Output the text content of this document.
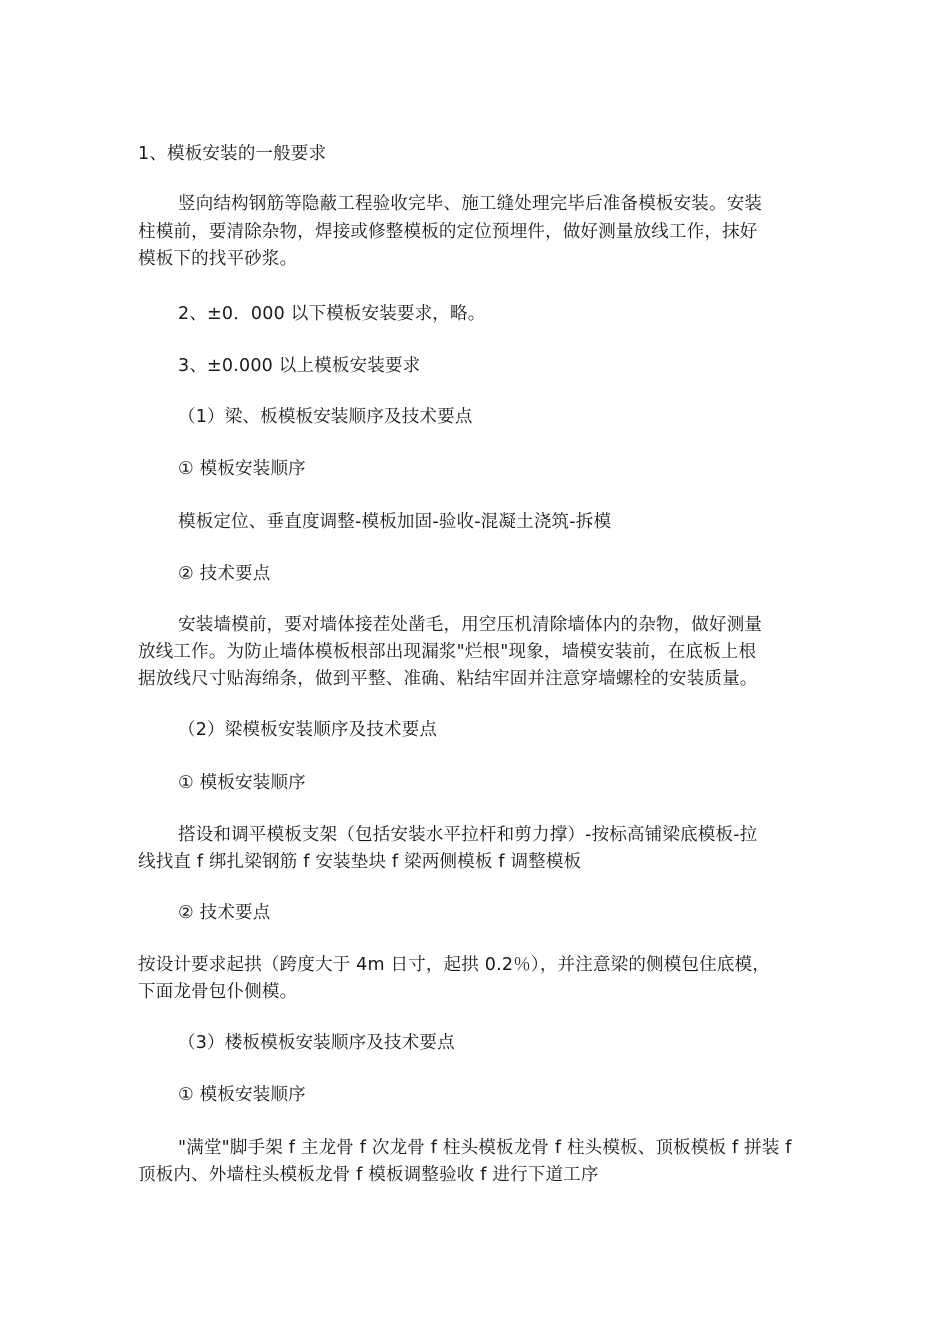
1、模板安装的一般要求
竖向结构钢筋等隐蔽工程验收完毕、施工缝处理完毕后准备模板安装。安装
柱模前，要清除杂物，焊接或修整模板的定位预埋件，做好测量放线工作，抹好
模板下的找平砂浆。
2、±0．000 以下模板安装要求，略。
3、±0.000 以上模板安装要求
（1）梁、板模板安装顺序及技术要点
① 模板安装顺序
模板定位、垂直度调整-模板加固-验收-混凝土浇筑-拆模
② 技术要点
安装墙模前，要对墙体接茬处凿毛，用空压机清除墙体内的杂物，做好测量
放线工作。为防止墙体模板根部出现漏浆"烂根"现象，墙模安装前，在底板上根
据放线尺寸贴海绵条，做到平整、准确、粘结牢固并注意穿墙螺栓的安装质量。
（2）梁模板安装顺序及技术要点
① 模板安装顺序
搭设和调平模板支架（包括安装水平拉杆和剪力撑）-按标高铺梁底模板-拉
线找直 f 绑扎梁钢筋 f 安装垫块 f 梁两侧模板 f 调整模板
② 技术要点
按设计要求起拱（跨度大于 4m 日寸，起拱 0.2％），并注意梁的侧模包住底模，
下面龙骨包仆侧模。
（3）楼板模板安装顺序及技术要点
① 模板安装顺序
"满堂"脚手架 f 主龙骨 f 次龙骨 f 柱头模板龙骨 f 柱头模板、顶板模板 f 拼装 f
顶板内、外墙柱头模板龙骨 f 模板调整验收 f 进行下道工序
